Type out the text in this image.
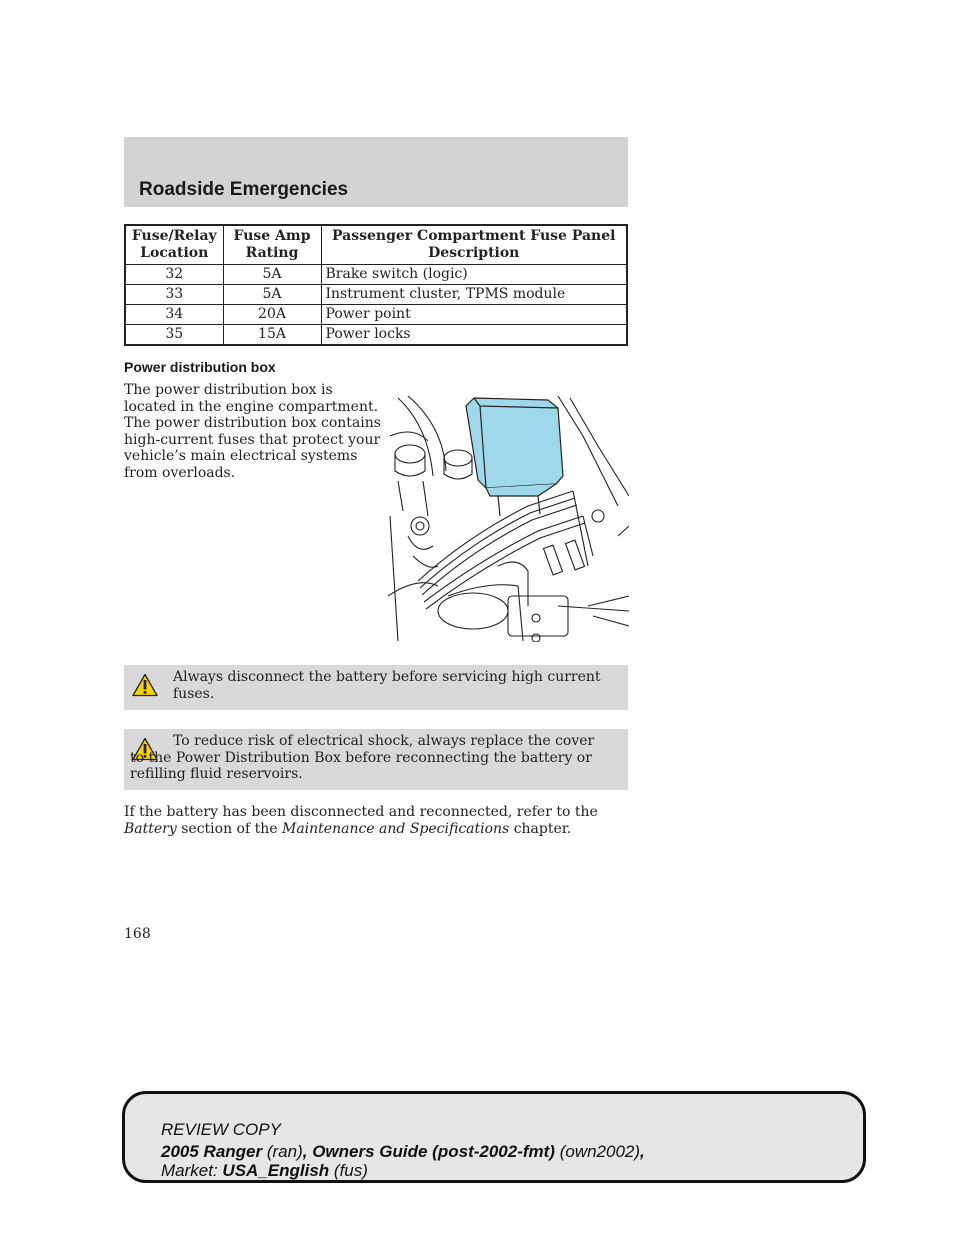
Roadside Emergencies
Fuse/Relay Location	Fuse Amp Rating	Passenger Compartment Fuse Panel Description
32	5A	Brake switch (logic)
33	5A	Instrument cluster, TPMS module
34	20A	Power point
35	15A	Power locks
Power distribution box
The power distribution box is located in the engine compartment. The power distribution box contains high-current fuses that protect your vehicle’s main electrical systems from overloads.
Always disconnect the battery before servicing high current fuses.
To reduce risk of electrical shock, always replace the cover to the Power Distribution Box before reconnecting the battery or refilling fluid reservoirs.
If the battery has been disconnected and reconnected, refer to the
Battery section of the Maintenance and Specifications chapter.
168
REVIEW COPY
2005 Ranger (ran), Owners Guide (post-2002-fmt) (own2002),
Market: USA_English (fus)
